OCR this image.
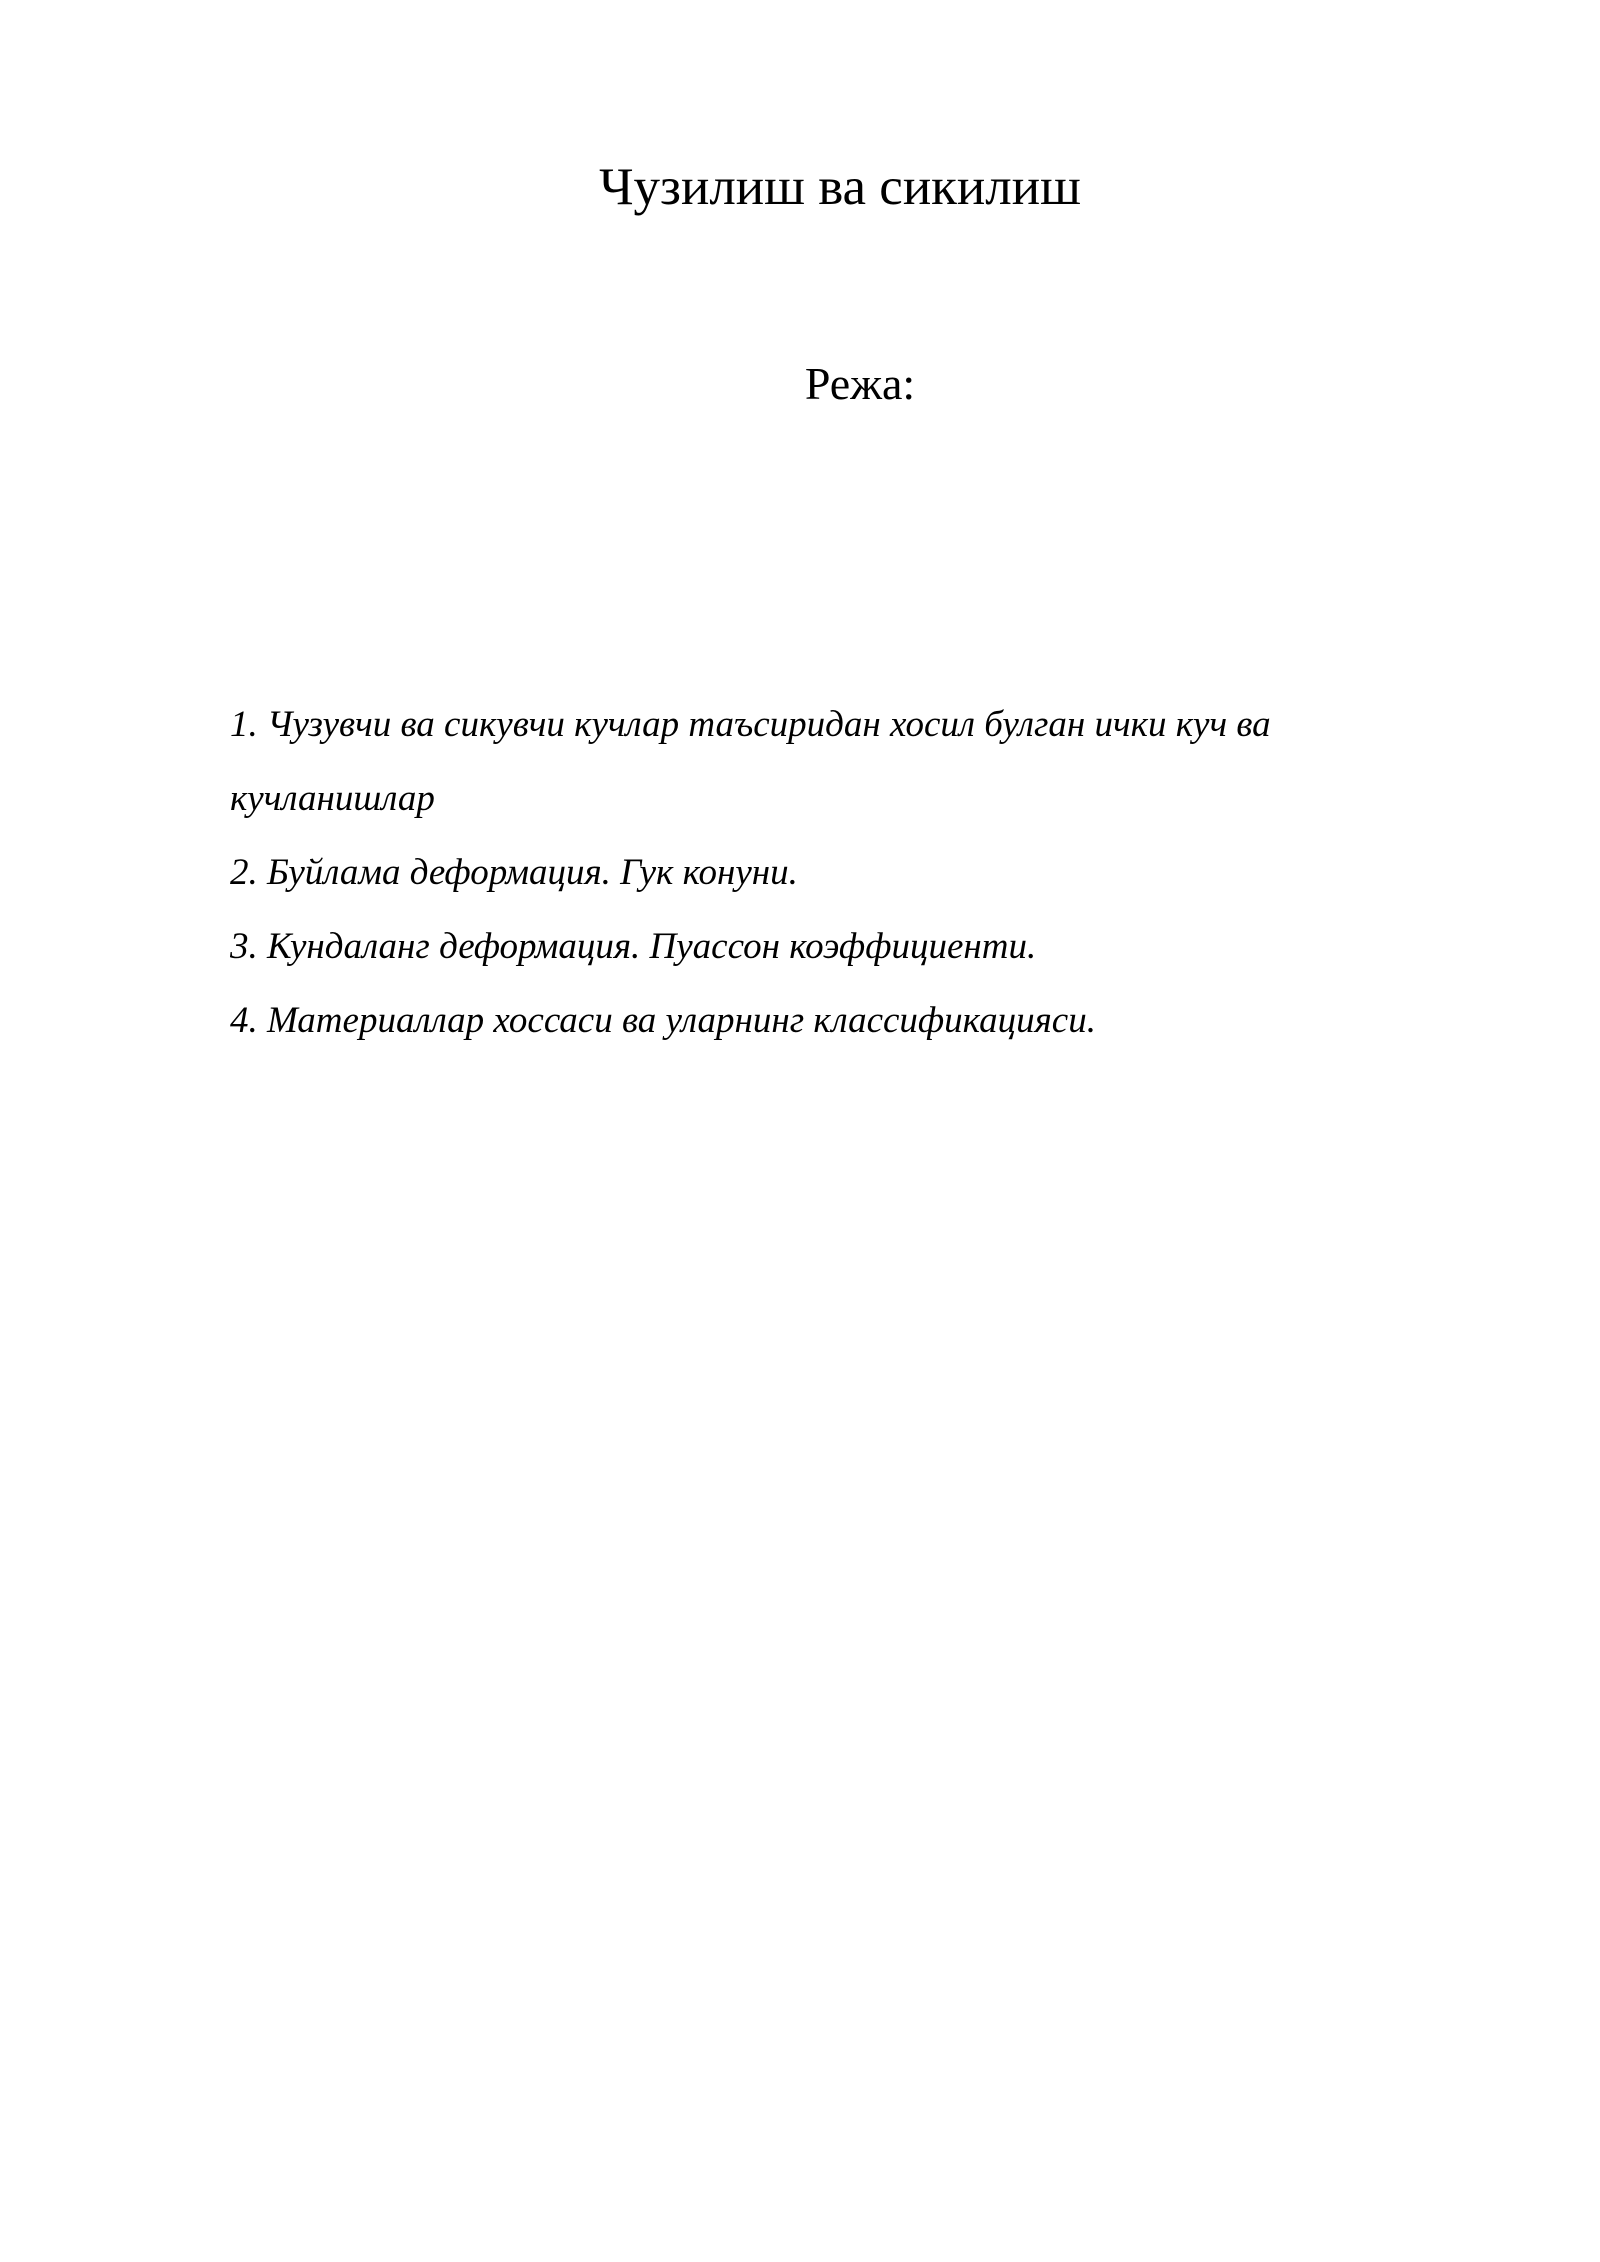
Чузилиш ва сикилиш

Режа:

1. Чузувчи ва сикувчи кучлар таъсиридан хосил булган ички куч ва кучланишлар
2. Буйлама деформация. Гук конуни.
3. Кундаланг деформация. Пуассон коэффициенти.
4. Материаллар хоссаси ва уларнинг классификацияси.
